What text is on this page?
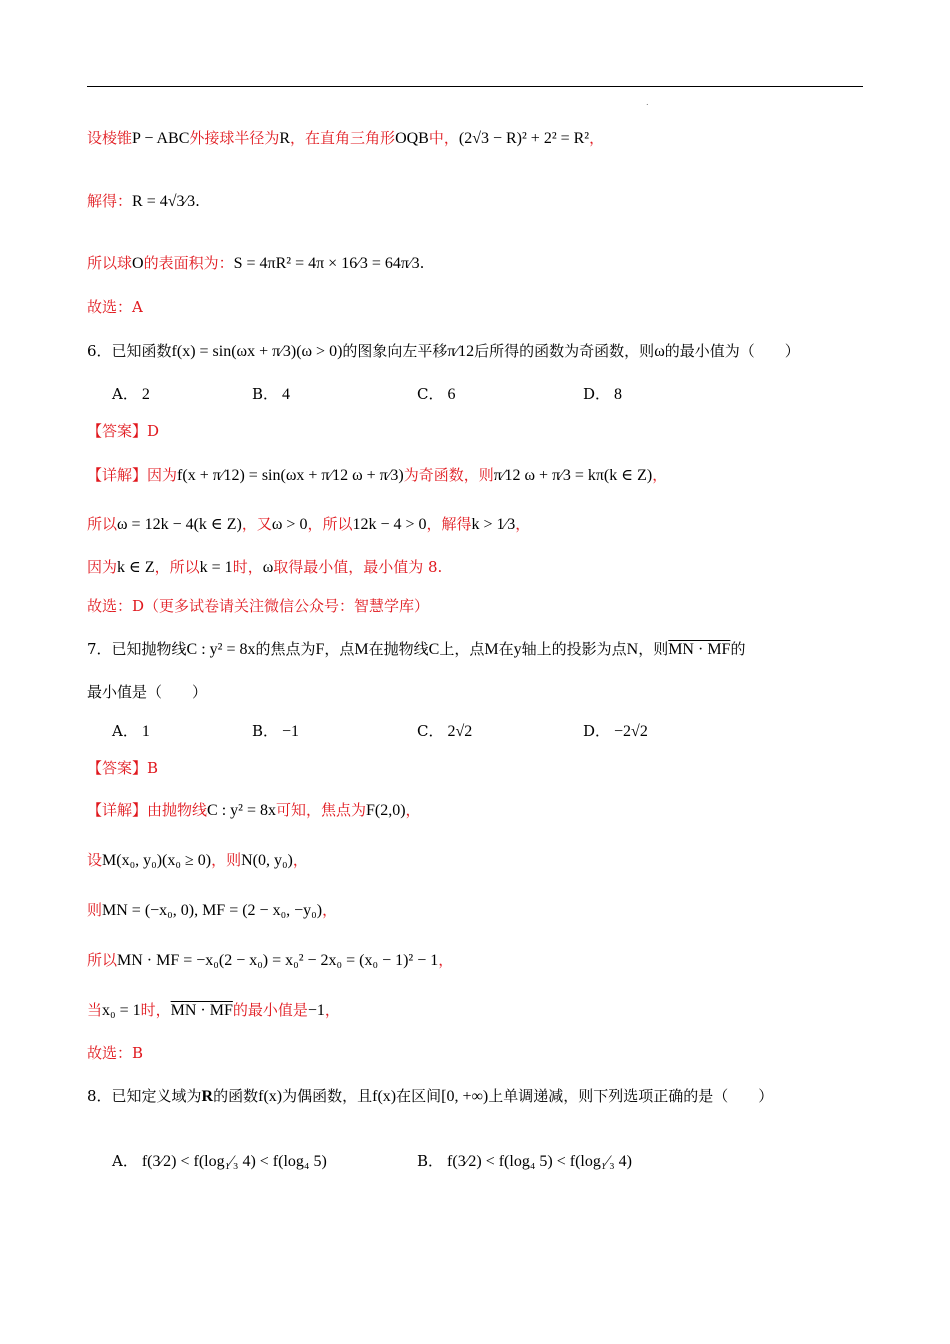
.
设棱锥P − ABC外接球半径为R，在直角三角形OQB中，(2√3 − R)² + 2² = R²，
解得：R = 4√3⁄3.
所以球O的表面积为：S = 4πR² = 4π × 16⁄3 = 64π⁄3.
故选：A
6．已知函数f(x) = sin(ωx + π⁄3)(ω > 0)的图象向左平移π⁄12后所得的函数为奇函数，则ω的最小值为（　　）
A． 2	B． 4	C． 6	D． 8
【答案】D
【详解】因为f(x + π⁄12) = sin(ωx + π⁄12 ω + π⁄3)为奇函数，则π⁄12 ω + π⁄3 = kπ(k ∈ Z)，
所以ω = 12k − 4(k ∈ Z)，又ω > 0，所以12k − 4 > 0，解得k > 1⁄3，
因为k ∈ Z，所以k = 1时，ω取得最小值，最小值为 8.
故选：D（更多试卷请关注微信公众号：智慧学库）
7．已知抛物线C : y² = 8x的焦点为F，点M在抛物线C上，点M在y轴上的投影为点N，则MN · MF的
最小值是（　　）
A． 1	B． −1	C． 2√2	D． −2√2
【答案】B
【详解】由抛物线C : y² = 8x可知，焦点为F(2,0)，
设M(x₀, y₀)(x₀ ≥ 0)，则N(0, y₀)，
则MN = (−x₀, 0), MF = (2 − x₀, −y₀)，
所以MN · MF = −x₀(2 − x₀) = x₀² − 2x₀ = (x₀ − 1)² − 1，
当x₀ = 1时，MN · MF的最小值是−1，
故选：B
8．已知定义域为R的函数f(x)为偶函数，且f(x)在区间[0, +∞)上单调递减，则下列选项正确的是（　　）
A． f(3⁄2) < f(log₁⁄₃ 4) < f(log₄ 5)	B． f(3⁄2) < f(log₄ 5) < f(log₁⁄₃ 4)
